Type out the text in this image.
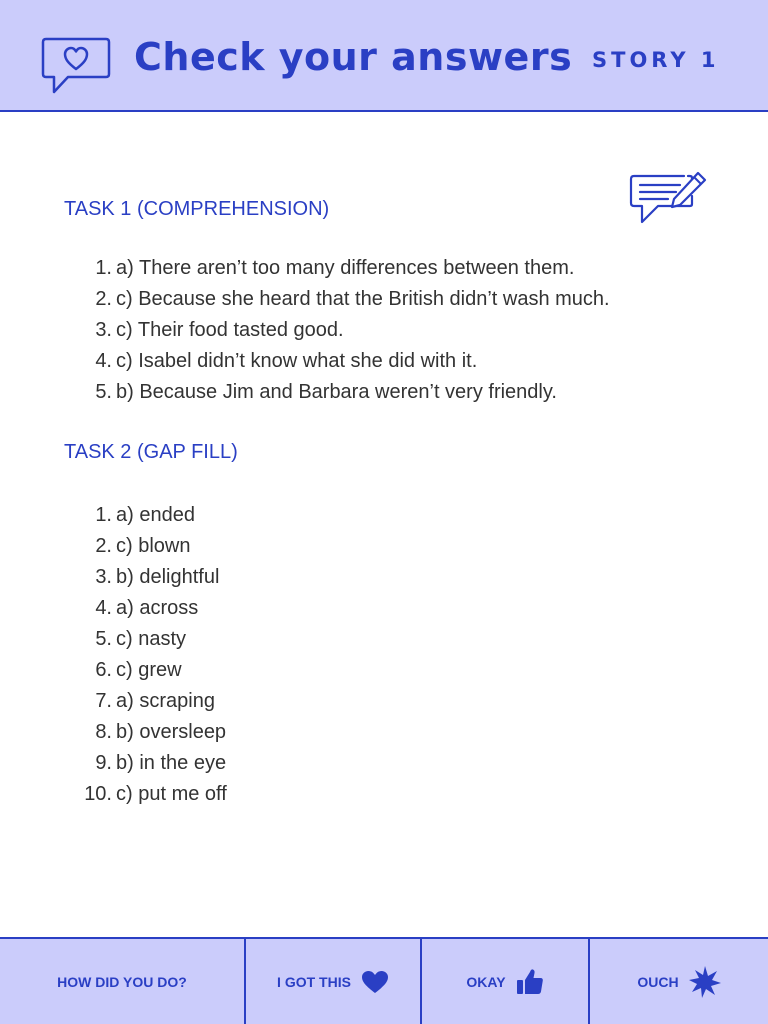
Check your answers STORY 1
TASK 1 (COMPREHENSION)
1. a) There aren’t too many differences between them.
2. c) Because she heard that the British didn’t wash much.
3. c) Their food tasted good.
4. c) Isabel didn’t know what she did with it.
5. b) Because Jim and Barbara weren’t very friendly.
TASK 2 (GAP FILL)
1. a) ended
2. c) blown
3. b) delightful
4. a) across
5. c) nasty
6. c) grew
7. a) scraping
8. b) oversleep
9. b) in the eye
10. c) put me off
HOW DID YOU DO?	I GOT THIS	OKAY	OUCH
